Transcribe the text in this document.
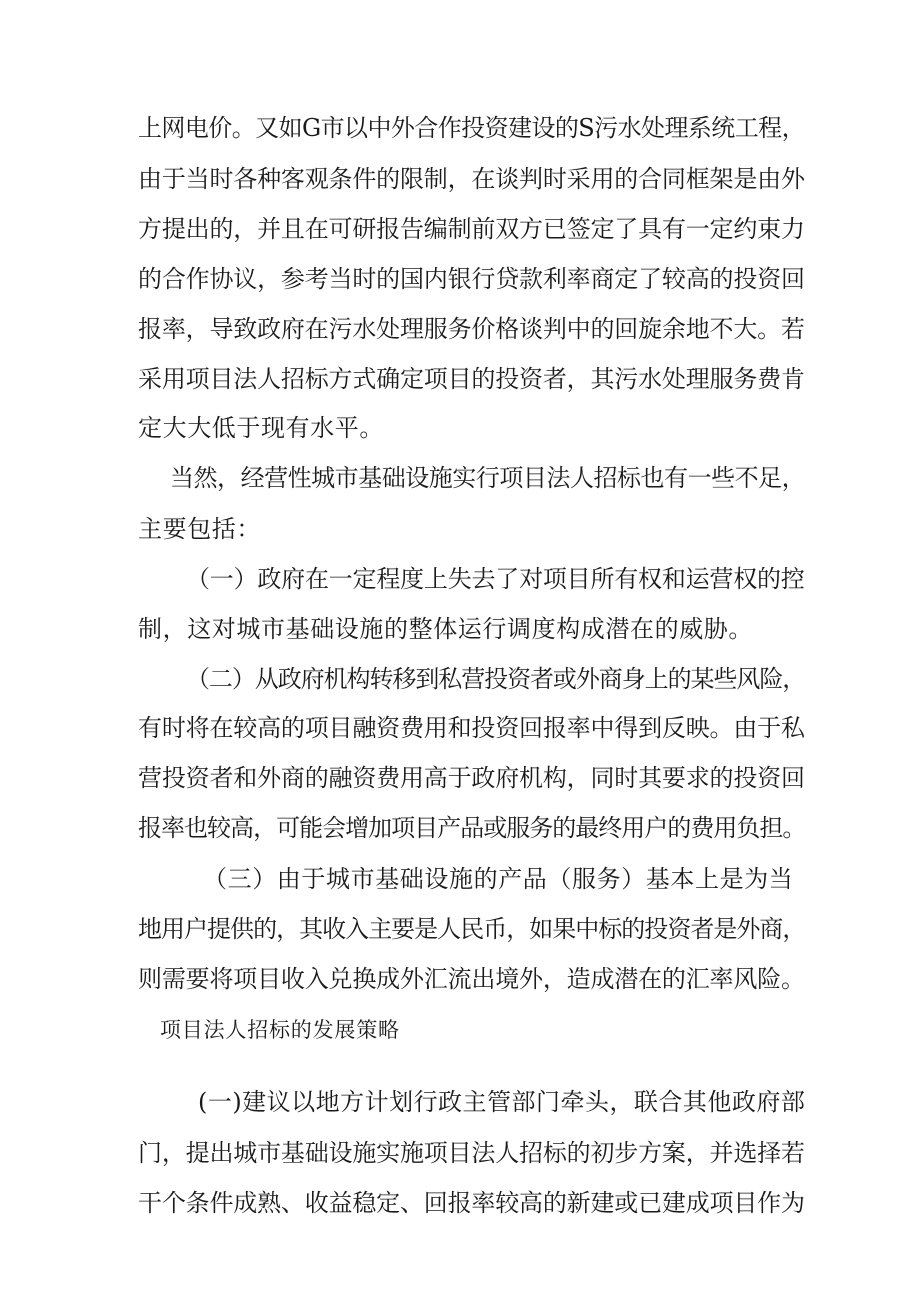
上网电价。又如G市以中外合作投资建设的S污水处理系统工程，
由于当时各种客观条件的限制，在谈判时采用的合同框架是由外
方提出的，并且在可研报告编制前双方已签定了具有一定约束力
的合作协议，参考当时的国内银行贷款利率商定了较高的投资回
报率，导致政府在污水处理服务价格谈判中的回旋余地不大。若
采用项目法人招标方式确定项目的投资者，其污水处理服务费肯
定大大低于现有水平。
当然，经营性城市基础设施实行项目法人招标也有一些不足，
主要包括：
（一）政府在一定程度上失去了对项目所有权和运营权的控
制，这对城市基础设施的整体运行调度构成潜在的威胁。
（二）从政府机构转移到私营投资者或外商身上的某些风险，
有时将在较高的项目融资费用和投资回报率中得到反映。由于私
营投资者和外商的融资费用高于政府机构，同时其要求的投资回
报率也较高，可能会增加项目产品或服务的最终用户的费用负担。
（三）由于城市基础设施的产品（服务）基本上是为当
地用户提供的，其收入主要是人民币，如果中标的投资者是外商，
则需要将项目收入兑换成外汇流出境外，造成潜在的汇率风险。
项目法人招标的发展策略
(一)建议以地方计划行政主管部门牵头，联合其他政府部
门，提出城市基础设施实施项目法人招标的初步方案，并选择若
干个条件成熟、收益稳定、回报率较高的新建或已建成项目作为
